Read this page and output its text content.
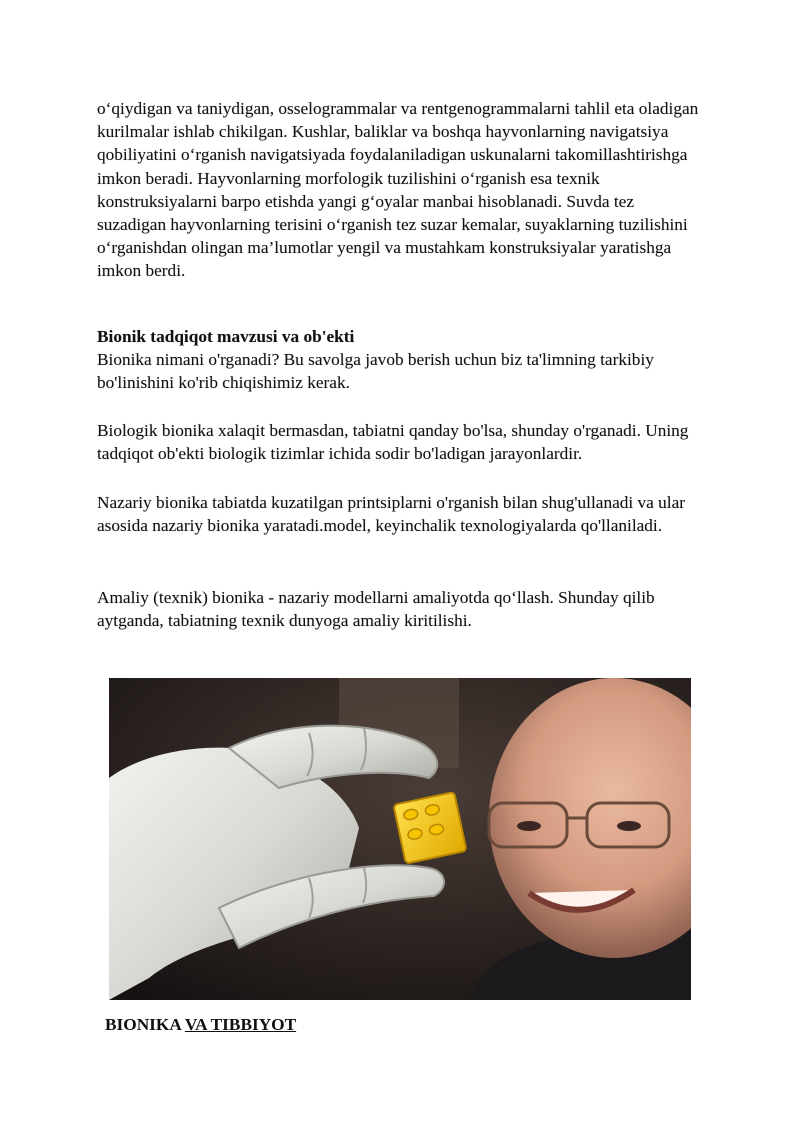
o‘qiydigan va taniydigan, osselogrammalar va rentgenogrammalarni tahlil eta oladigan kurilmalar ishlab chikilgan. Kushlar, baliklar va boshqa hayvonlarning navigatsiya qobiliyatini o‘rganish navigatsiyada foydalaniladigan uskunalarni takomillashtirishga imkon beradi. Hayvonlarning morfologik tuzilishini o‘rganish esa texnik konstruksiyalarni barpo etishda yangi g‘oyalar manbai hisoblanadi. Suvda tez suzadigan hayvonlarning terisini o‘rganish tez suzar kemalar, suyaklarning tuzilishini o‘rganishdan olingan ma’lumotlar yengil va mustahkam konstruksiyalar yaratishga imkon berdi.

Bionik tadqiqot mavzusi va ob'ekti

Bionika nimani o'rganadi? Bu savolga javob berish uchun biz ta'limning tarkibiy bo'linishini ko'rib chiqishimiz kerak.

Biologik bionika xalaqit bermasdan, tabiatni qanday bo'lsa, shunday o'rganadi. Uning tadqiqot ob'ekti biologik tizimlar ichida sodir bo'ladigan jarayonlardir.

Nazariy bionika tabiatda kuzatilgan printsiplarni o'rganish bilan shug'ullanadi va ular asosida nazariy bionika yaratadi.model, keyinchalik texnologiyalarda qo'llaniladi.

Amaliy (texnik) bionika - nazariy modellarni amaliyotda qo‘llash. Shunday qilib aytganda, tabiatning texnik dunyoga amaliy kiritilishi.

BIONIKA VA TIBBIYOT
